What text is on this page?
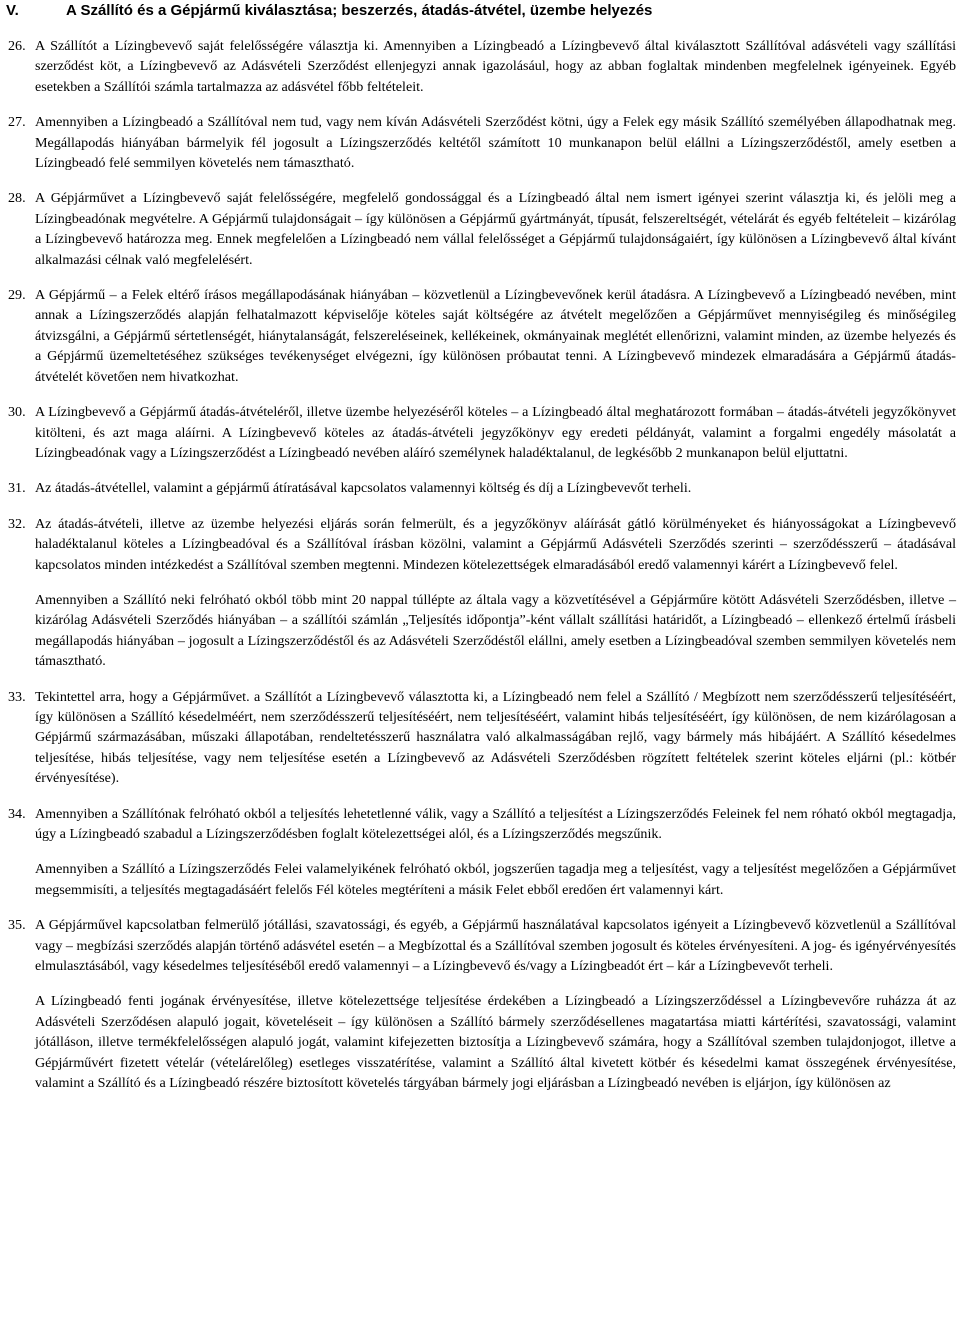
V.	A Szállító és a Gépjármű kiválasztása; beszerzés, átadás-átvétel, üzembe helyezés
26. A Szállítót a Lízingbevevő saját felelősségére választja ki. Amennyiben a Lízingbeadó a Lízingbevevő által kiválasztott Szállítóval adásvételi vagy szállítási szerződést köt, a Lízingbevevő az Adásvételi Szerződést ellenjegyzi annak igazolásául, hogy az abban foglaltak mindenben megfelelnek igényeinek. Egyéb esetekben a Szállítói számla tartalmazza az adásvétel főbb feltételeit.
27. Amennyiben a Lízingbeadó a Szállítóval nem tud, vagy nem kíván Adásvételi Szerződést kötni, úgy a Felek egy másik Szállító személyében állapodhatnak meg. Megállapodás hiányában bármelyik fél jogosult a Lízingszerződés keltétől számított 10 munkanapon belül elállni a Lízingszerződéstől, amely esetben a Lízingbeadó felé semmilyen követelés nem támasztható.
28. A Gépjárművet a Lízingbevevő saját felelősségére, megfelelő gondossággal és a Lízingbeadó által nem ismert igényei szerint választja ki, és jelöli meg a Lízingbeadónak megvételre. A Gépjármű tulajdonságait – így különösen a Gépjármű gyártmányát, típusát, felszereltségét, vételárát és egyéb feltételeit – kizárólag a Lízingbevevő határozza meg. Ennek megfelelően a Lízingbeadó nem vállal felelősséget a Gépjármű tulajdonságaiért, így különösen a Lízingbevevő által kívánt alkalmazási célnak való megfelelésért.
29. A Gépjármű – a Felek eltérő írásos megállapodásának hiányában – közvetlenül a Lízingbevevőnek kerül átadásra. A Lízingbevevő a Lízingbeadó nevében, mint annak a Lízingszerződés alapján felhatalmazott képviselője köteles saját költségére az átvételt megelőzően a Gépjárművet mennyiségileg és minőségileg átvizsgálni, a Gépjármű sértetlenségét, hiánytalanságát, felszereléseinek, kellékeinek, okmányainak meglétét ellenőrizni, valamint minden, az üzembe helyezés és a Gépjármű üzemeltetéséhez szükséges tevékenységet elvégezni, így különösen próbautat tenni. A Lízingbevevő mindezek elmaradására a Gépjármű átadás-átvételét követően nem hivatkozhat.
30. A Lízingbevevő a Gépjármű átadás-átvételéről, illetve üzembe helyezéséről köteles – a Lízingbeadó által meghatározott formában – átadás-átvételi jegyzőkönyvet kitölteni, és azt maga aláírni. A Lízingbevevő köteles az átadás-átvételi jegyzőkönyv egy eredeti példányát, valamint a forgalmi engedély másolatát a Lízingbeadónak vagy a Lízingszerződést a Lízingbeadó nevében aláíró személynek haladéktalanul, de legkésőbb 2 munkanapon belül eljuttatni.
31. Az átadás-átvétellel, valamint a gépjármű átíratásával kapcsolatos valamennyi költség és díj a Lízingbevevőt terheli.
32. Az átadás-átvételi, illetve az üzembe helyezési eljárás során felmerült, és a jegyzőkönyv aláírását gátló körülményeket és hiányosságokat a Lízingbevevő haladéktalanul köteles a Lízingbeadóval és a Szállítóval írásban közölni, valamint a Gépjármű Adásvételi Szerződés szerinti – szerződésszerű – átadásával kapcsolatos minden intézkedést a Szállítóval szemben megtenni. Mindezen kötelezettségek elmaradásából eredő valamennyi kárért a Lízingbevevő felel.
Amennyiben a Szállító neki felróható okból több mint 20 nappal túllépte az általa vagy a közvetítésével a Gépjárműre kötött Adásvételi Szerződésben, illetve – kizárólag Adásvételi Szerződés hiányában – a szállítói számlán „Teljesítés időpontja”-ként vállalt szállítási határidőt, a Lízingbeadó – ellenkező értelmű írásbeli megállapodás hiányában – jogosult a Lízingszerződéstől és az Adásvételi Szerződéstől elállni, amely esetben a Lízingbeadóval szemben semmilyen követelés nem támasztható.
33. Tekintettel arra, hogy a Gépjárművet. a Szállítót a Lízingbevevő választotta ki, a Lízingbeadó nem felel a Szállító / Megbízott nem szerződésszerű teljesítéséért, így különösen a Szállító késedelméért, nem szerződésszerű teljesítéséért, nem teljesítéséért, valamint hibás teljesítéséért, így különösen, de nem kizárólagosan a Gépjármű származásában, műszaki állapotában, rendeltetésszerű használatra való alkalmasságában rejlő, vagy bármely más hibájáért. A Szállító késedelmes teljesítése, hibás teljesítése, vagy nem teljesítése esetén a Lízingbevevő az Adásvételi Szerződésben rögzített feltételek szerint köteles eljárni (pl.: kötbér érvényesítése).
34. Amennyiben a Szállítónak felróható okból a teljesítés lehetetlenné válik, vagy a Szállító a teljesítést a Lízingszerződés Feleinek fel nem róható okból megtagadja, úgy a Lízingbeadó szabadul a Lízingszerződésben foglalt kötelezettségei alól, és a Lízingszerződés megszűnik.
Amennyiben a Szállító a Lízingszerződés Felei valamelyikének felróható okból, jogszerűen tagadja meg a teljesítést, vagy a teljesítést megelőzően a Gépjárművet megsemmisíti, a teljesítés megtagadásáért felelős Fél köteles megtéríteni a másik Felet ebből eredően ért valamennyi kárt.
35. A Gépjárművel kapcsolatban felmerülő jótállási, szavatossági, és egyéb, a Gépjármű használatával kapcsolatos igényeit a Lízingbevevő közvetlenül a Szállítóval vagy – megbízási szerződés alapján történő adásvétel esetén – a Megbízottal és a Szállítóval szemben jogosult és köteles érvényesíteni. A jog- és igényérvényesítés elmulasztásából, vagy késedelmes teljesítéséből eredő valamennyi – a Lízingbevevő és/vagy a Lízingbeadót ért – kár a Lízingbevevőt terheli.
A Lízingbeadó fenti jogának érvényesítése, illetve kötelezettsége teljesítése érdekében a Lízingbeadó a Lízingszerződéssel a Lízingbevevőre ruházza át az Adásvételi Szerződésen alapuló jogait, követeléseit – így különösen a Szállító bármely szerződésellenes magatartása miatti kártérítési, szavatossági, valamint jótálláson, illetve termékfelelősségen alapuló jogát, valamint kifejezetten biztosítja a Lízingbevevő számára, hogy a Szállítóval szemben tulajdonjogot, illetve a Gépjárművért fizetett vételár (vételárelőleg) esetleges visszatérítése, valamint a Szállító által kivetett kötbér és késedelmi kamat összegének érvényesítése, valamint a Szállító és a Lízingbeadó részére biztosított követelés tárgyában bármely jogi eljárásban a Lízingbeadó nevében is eljárjon, így különösen az
